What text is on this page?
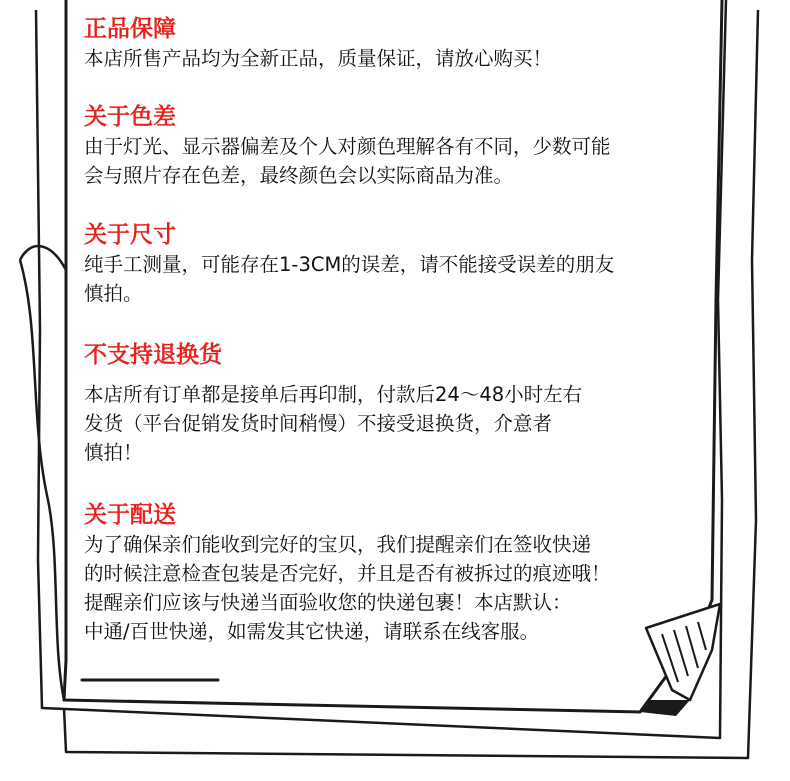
正品保障

本店所售产品均为全新正品，质量保证，请放心购买！

关于色差

由于灯光、显示器偏差及个人对颜色理解各有不同，少数可能
会与照片存在色差，最终颜色会以实际商品为准。

关于尺寸

纯手工测量，可能存在1-3CM的误差，请不能接受误差的朋友
慎拍。

不支持退换货

本店所有订单都是接单后再印制，付款后24～48小时左右
发货（平台促销发货时间稍慢）不接受退换货，介意者
慎拍！

关于配送

为了确保亲们能收到完好的宝贝，我们提醒亲们在签收快递
的时候注意检查包装是否完好，并且是否有被拆过的痕迹哦！
提醒亲们应该与快递当面验收您的快递包裹！本店默认：
中通/百世快递，如需发其它快递，请联系在线客服。
